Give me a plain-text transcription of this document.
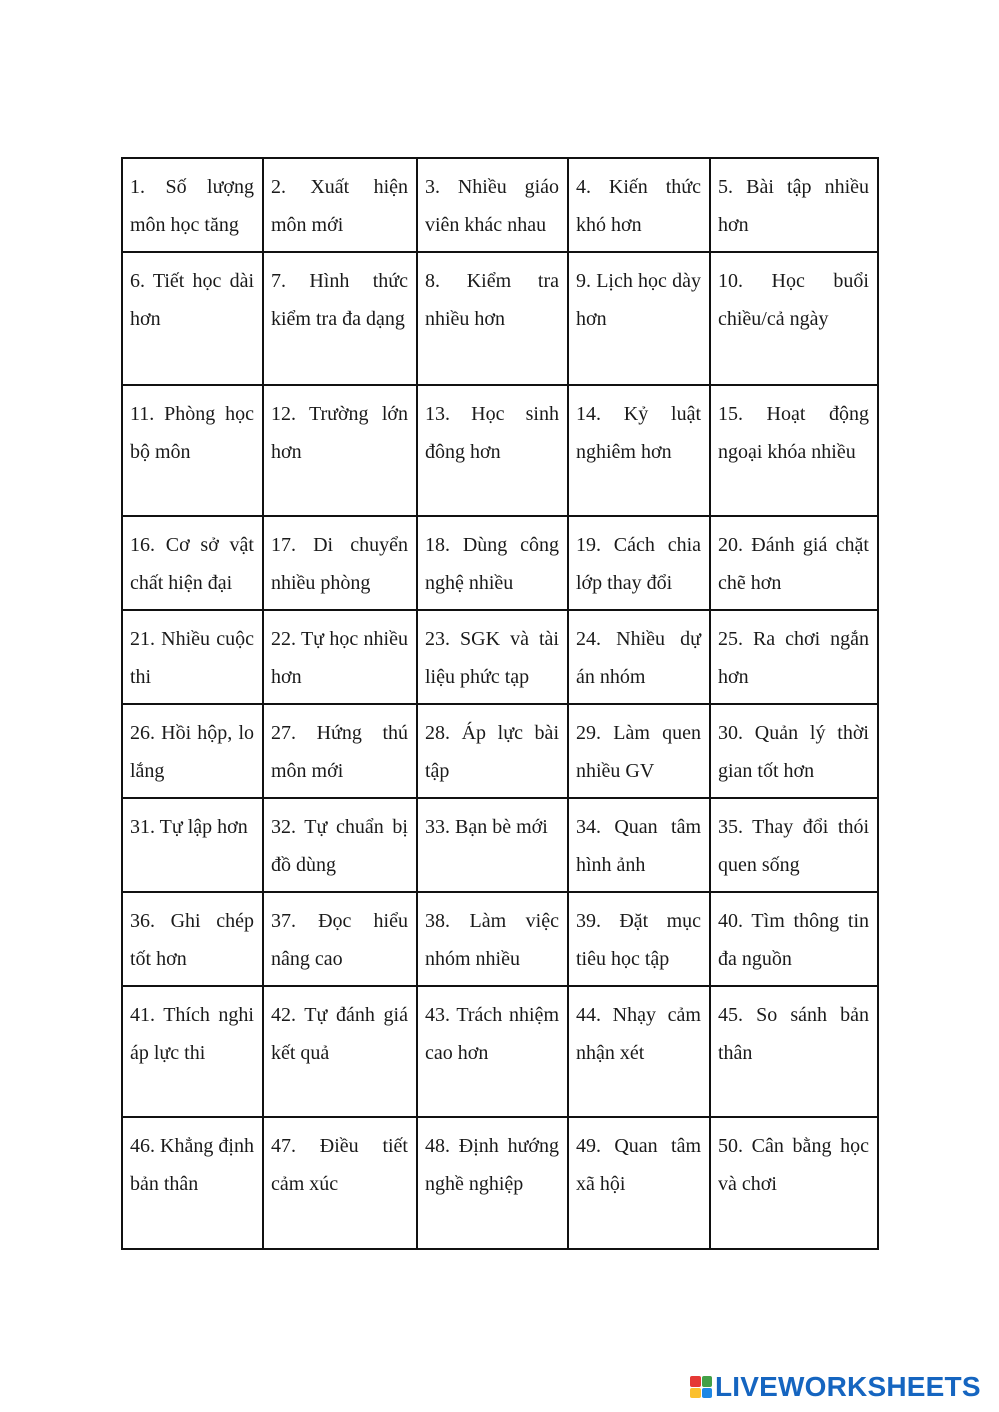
1. Số lượng môn học tăng	2. Xuất hiện môn mới	3. Nhiều giáo viên khác nhau	4. Kiến thức khó hơn	5. Bài tập nhiều hơn
6. Tiết học dài hơn	7. Hình thức kiểm tra đa dạng	8. Kiểm tra nhiều hơn	9. Lịch học dày hơn	10. Học buổi chiều/cả ngày
11. Phòng học bộ môn	12. Trường lớn hơn	13. Học sinh đông hơn	14. Kỷ luật nghiêm hơn	15. Hoạt động ngoại khóa nhiều
16. Cơ sở vật chất hiện đại	17. Di chuyển nhiều phòng	18. Dùng công nghệ nhiều	19. Cách chia lớp thay đổi	20. Đánh giá chặt chẽ hơn
21. Nhiều cuộc thi	22. Tự học nhiều hơn	23. SGK và tài liệu phức tạp	24. Nhiều dự án nhóm	25. Ra chơi ngắn hơn
26. Hồi hộp, lo lắng	27. Hứng thú môn mới	28. Áp lực bài tập	29. Làm quen nhiều GV	30. Quản lý thời gian tốt hơn
31. Tự lập hơn	32. Tự chuẩn bị đồ dùng	33. Bạn bè mới	34. Quan tâm hình ảnh	35. Thay đổi thói quen sống
36. Ghi chép tốt hơn	37. Đọc hiểu nâng cao	38. Làm việc nhóm nhiều	39. Đặt mục tiêu học tập	40. Tìm thông tin đa nguồn
41. Thích nghi áp lực thi	42. Tự đánh giá kết quả	43. Trách nhiệm cao hơn	44. Nhạy cảm nhận xét	45. So sánh bản thân
46. Khẳng định bản thân	47. Điều tiết cảm xúc	48. Định hướng nghề nghiệp	49. Quan tâm xã hội	50. Cân bằng học và chơi
LIVEWORKSHEETS
